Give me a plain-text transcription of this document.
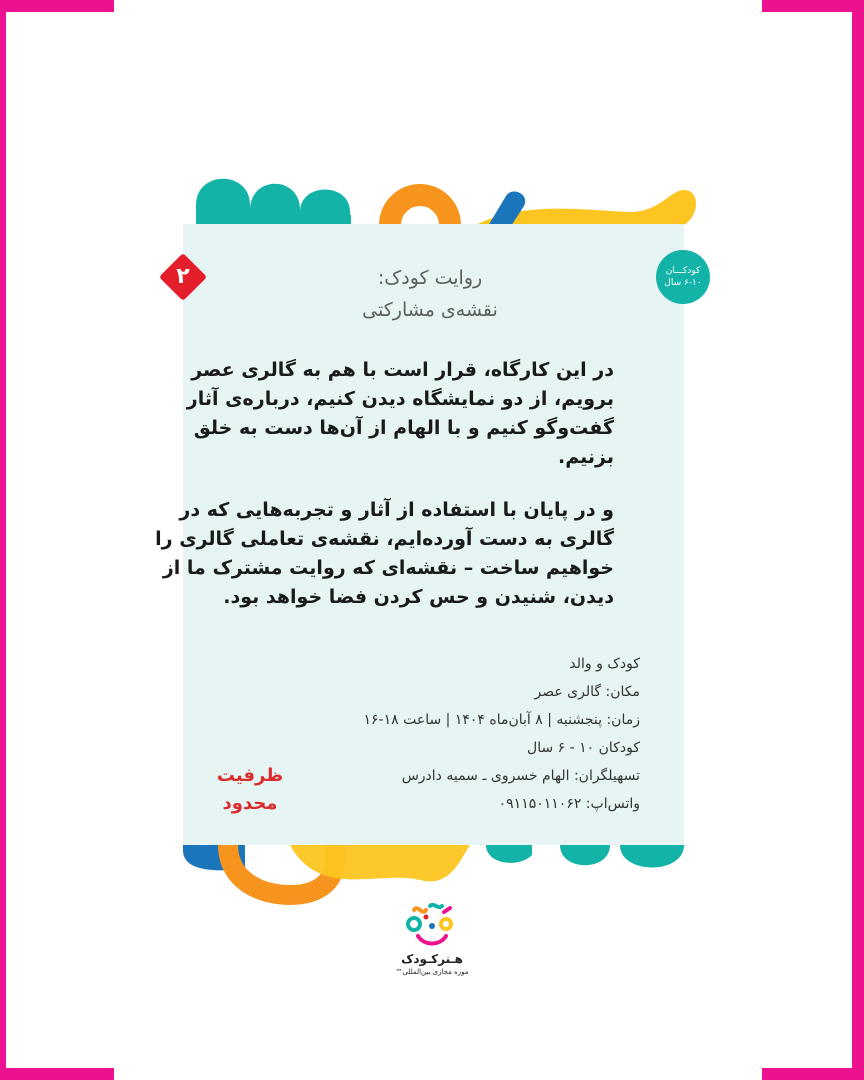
۲	کودکـــان
۶-۱۰ سال
روایت کودک:
نقشه‌ی مشارکتی
در این کارگاه، قرار است با هم به گالری عصر
برویم، از دو نمایشگاه دیدن کنیم، درباره‌ی آثار
گفت‌وگو کنیم و با الهام از آن‌ها دست به خلق
بزنیم.
و در پایان با استفاده از آثار و تجربه‌هایی که در
گالری به دست آورده‌ایم، نقشه‌ی تعاملی گالری را
خواهیم ساخت – نقشه‌ای که روایت مشترک ما از
دیدن، شنیدن و حس کردن فضا خواهد بود.
کودک و والد
مکان: گالری عصر
زمان: پنجشنبه | ۸ آبان‌ماه ۱۴۰۴ | ساعت ۱۸-۱۶
کودکان ۱۰ - ۶ سال
تسهیلگران: الهام خسروی ـ سمیه دادرس
واتس‌اپ: ۰۹۱۱۵۰۱۱۰۶۲
ظرفیت
محدود
هـنرکـودک
موزه مجازی بین‌المللی™
